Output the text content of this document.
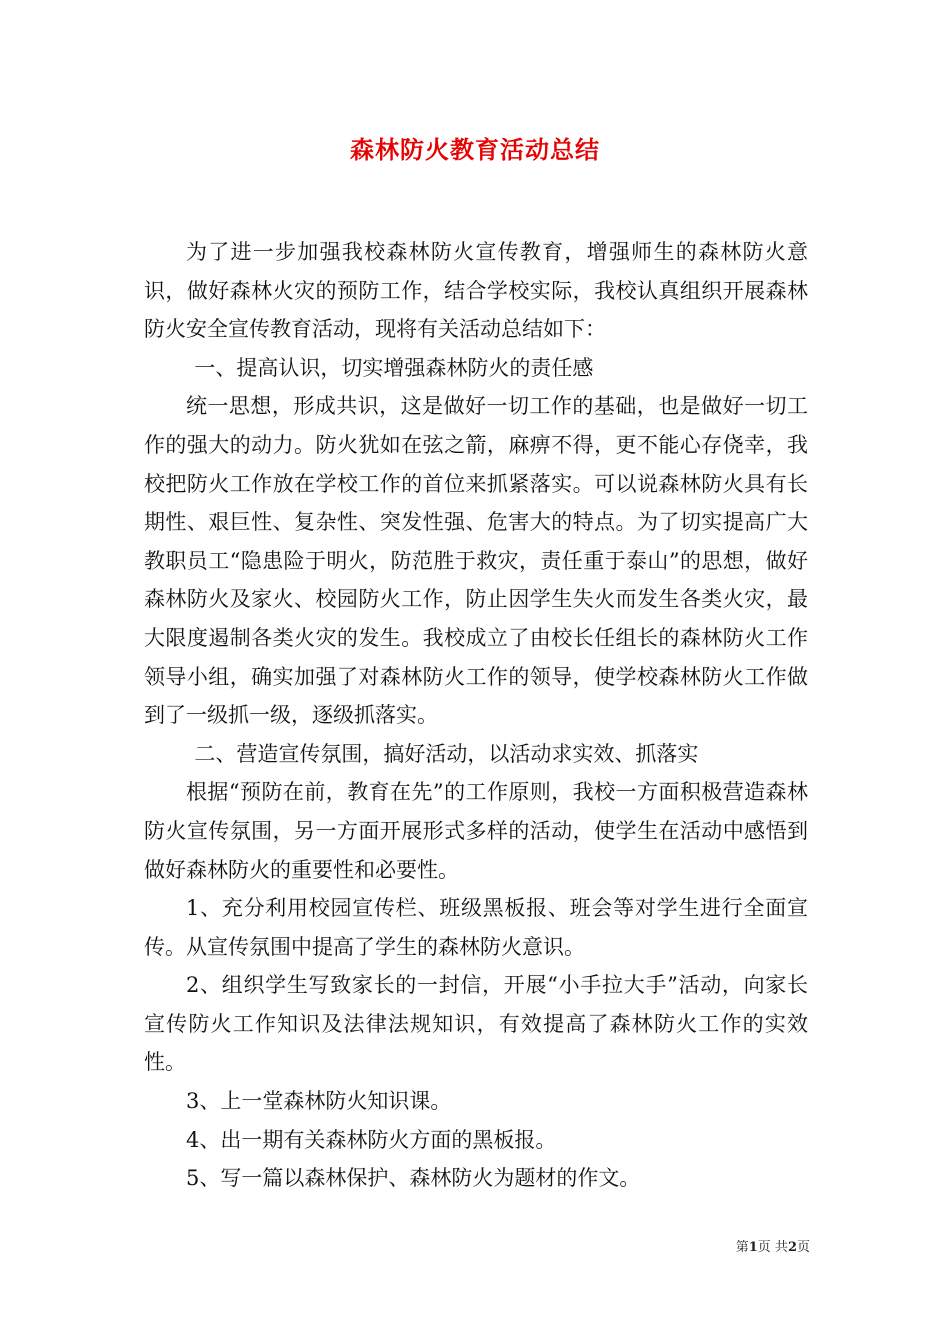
森林防火教育活动总结

为了进一步加强我校森林防火宣传教育，增强师生的森林防火意识，做好森林火灾的预防工作，结合学校实际，我校认真组织开展森林防火安全宣传教育活动，现将有关活动总结如下：

一、提高认识，切实增强森林防火的责任感

统一思想，形成共识，这是做好一切工作的基础，也是做好一切工作的强大的动力。防火犹如在弦之箭，麻痹不得，更不能心存侥幸，我校把防火工作放在学校工作的首位来抓紧落实。可以说森林防火具有长期性、艰巨性、复杂性、突发性强、危害大的特点。为了切实提高广大教职员工“隐患险于明火，防范胜于救灾，责任重于泰山”的思想，做好森林防火及家火、校园防火工作，防止因学生失火而发生各类火灾，最大限度遏制各类火灾的发生。我校成立了由校长任组长的森林防火工作领导小组，确实加强了对森林防火工作的领导，使学校森林防火工作做到了一级抓一级，逐级抓落实。

二、营造宣传氛围，搞好活动，以活动求实效、抓落实

根据“预防在前，教育在先”的工作原则，我校一方面积极营造森林防火宣传氛围，另一方面开展形式多样的活动，使学生在活动中感悟到做好森林防火的重要性和必要性。

1、充分利用校园宣传栏、班级黑板报、班会等对学生进行全面宣传。从宣传氛围中提高了学生的森林防火意识。

2、组织学生写致家长的一封信，开展“小手拉大手”活动，向家长宣传防火工作知识及法律法规知识，有效提高了森林防火工作的实效性。

3、上一堂森林防火知识课。

4、出一期有关森林防火方面的黑板报。

5、写一篇以森林保护、森林防火为题材的作文。

第1页 共2页
